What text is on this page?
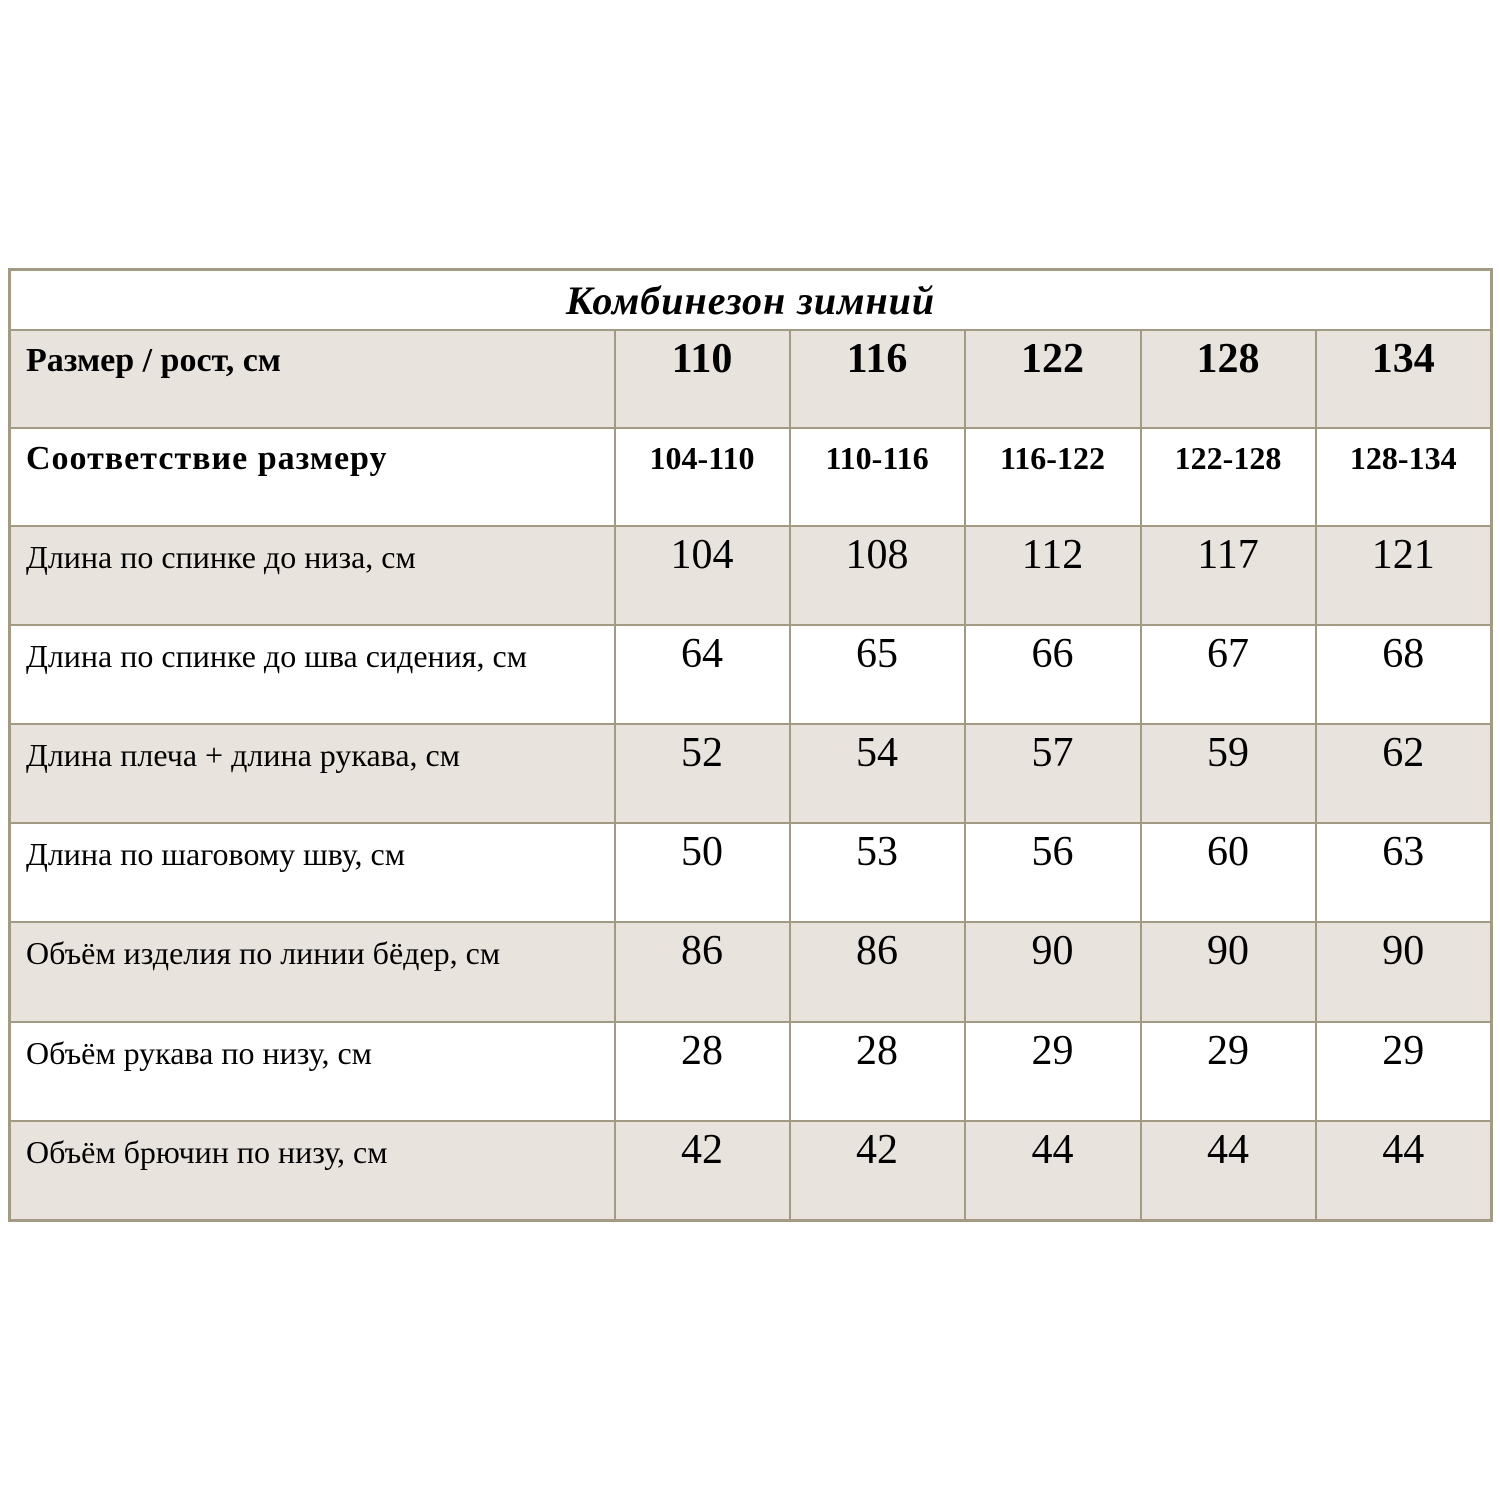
Комбинезон зимний					
Размер / рост, см	110	116	122	128	134
Соответствие размеру	104-110	110-116	116-122	122-128	128-134
Длина по спинке до низа, см	104	108	112	117	121
Длина по спинке до шва сидения, см	64	65	66	67	68
Длина плеча + длина рукава, см	52	54	57	59	62
Длина по шаговому шву, см	50	53	56	60	63
Объём изделия по линии бёдер, см	86	86	90	90	90
Объём рукава по низу, см	28	28	29	29	29
Объём брючин по низу, см	42	42	44	44	44
